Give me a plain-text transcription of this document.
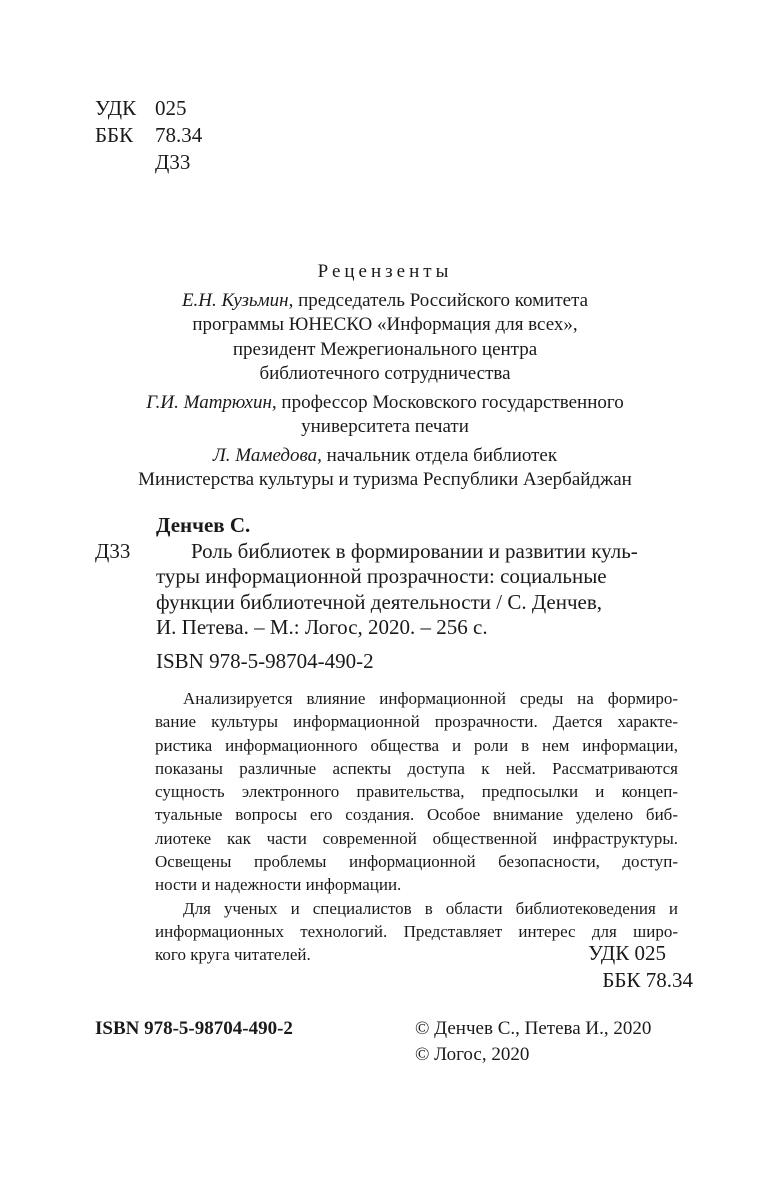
УДК 025
ББК	78.34
Д33
Рецензенты
Е.Н. Кузьмин, председатель Российского комитета
программы ЮНЕСКО «Информация для всех»,
президент Межрегионального центра
библиотечного сотрудничества
Г.И. Матрюхин, профессор Московского государственного
университета печати
Л. Мамедова, начальник отдела библиотек
Министерства культуры и туризма Республики Азербайджан
Денчев С.
Д33	Роль библиотек в формировании и развитии куль-
туры информационной прозрачности: социальные
функции библиотечной деятельности / С. Денчев,
И. Петева. – М.: Логос, 2020. – 256 с.
ISBN 978-5-98704-490-2

Анализируется влияние информационной среды на формиро-
вание культуры информационной прозрачности. Дается характе-
ристика информационного общества и роли в нем информации,
показаны различные аспекты доступа к ней. Рассматриваются
сущность электронного правительства, предпосылки и концеп-
туальные вопросы его создания. Особое внимание уделено биб-
лиотеке как части современной общественной инфраструктуры.
Освещены проблемы информационной безопасности, доступ-
ности и надежности информации.

Для ученых и специалистов в области библиотековедения и
информационных технологий. Представляет интерес для широ-
кого круга читателей.	УДК 025
ББК 78.34
ISBN 978-5-98704-490-2	© Денчев С., Петева И., 2020
© Логос, 2020
